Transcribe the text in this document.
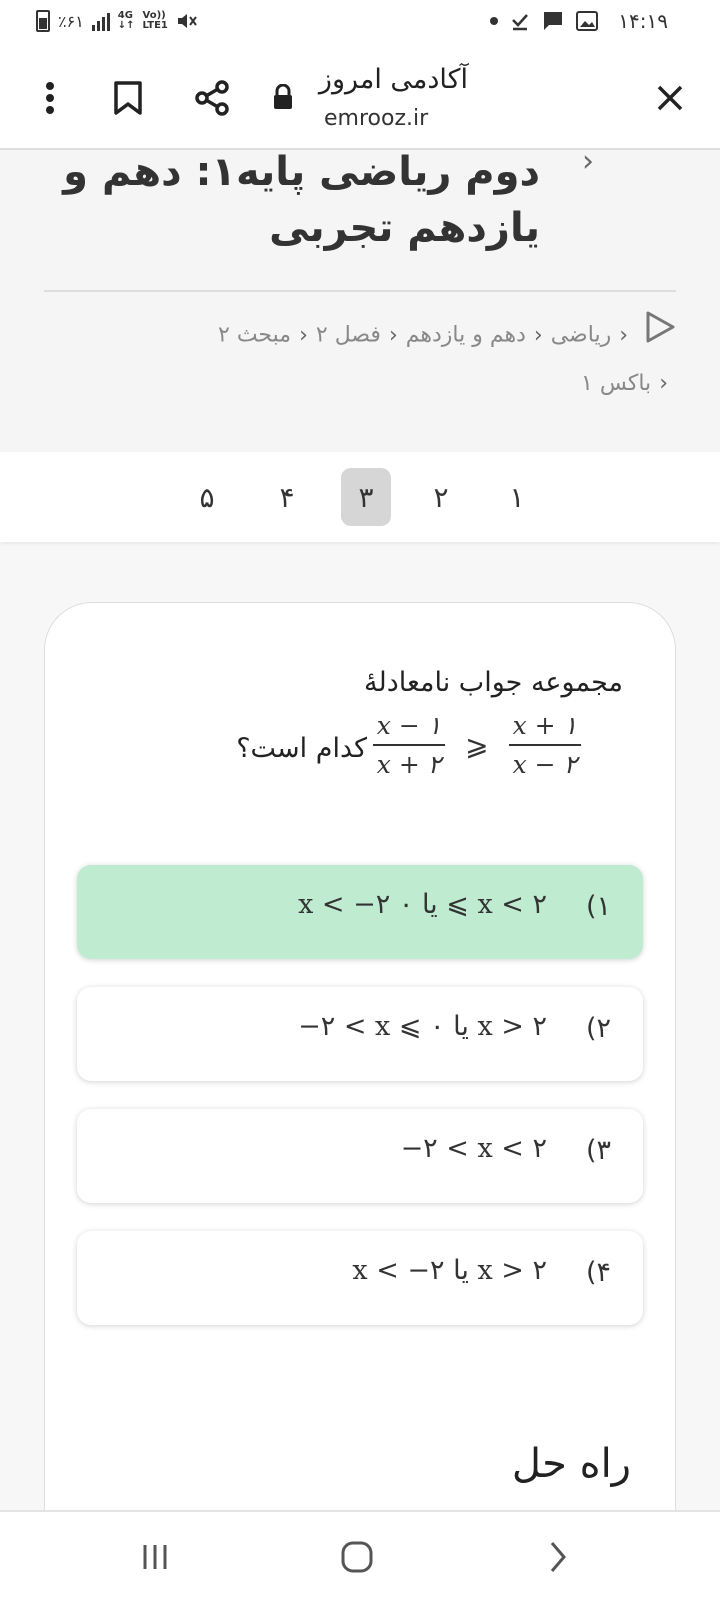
٪۶۱	4G
↓↑
Vo))
LTE1	۱۴:۱۹
آکادمی امروز
emrooz.ir
›
دوم ریاضی پایه۱: دهم و یازدهم تجربی
‹ریاضی‹دهم و یازدهم‹فصل ۲‹مبحث ۲
‹باکس ۱
۱
۲
۳
۴
۵
مجموعه جواب نامعادلهٔ
$\frac{x - ۱}{x + ۲}$ ⩾ $\frac{x + ۱}{x - ۲}$
کدام است؟
۱)
x < −۲ یا ۰ ⩽ x < ۲
۲)
−۲ < x ⩽ ۰ یا x > ۲
۳)
−۲ < x < ۲
۴)
x < −۲ یا x > ۲
راه حل
